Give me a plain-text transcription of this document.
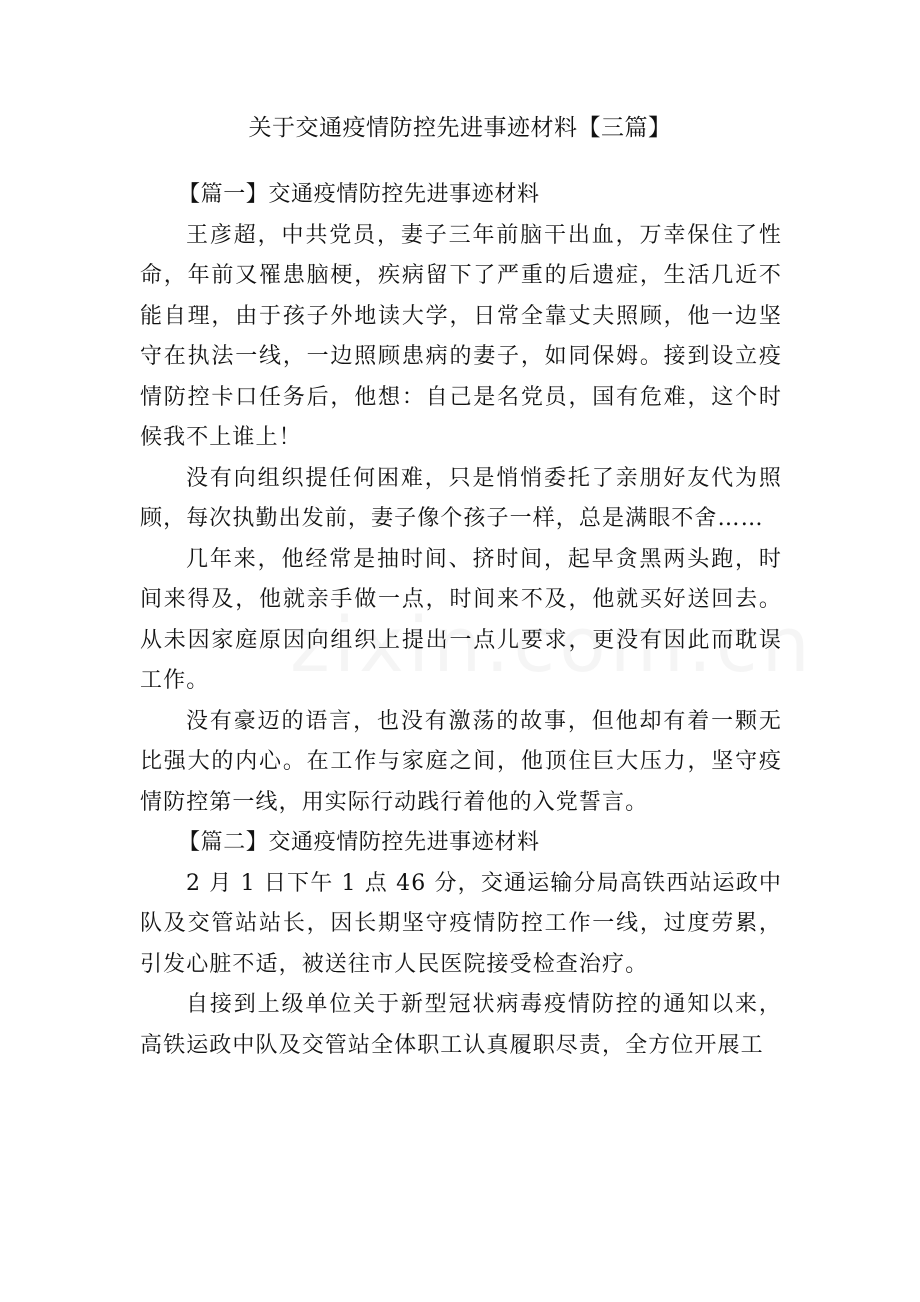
关于交通疫情防控先进事迹材料【三篇】

【篇一】交通疫情防控先进事迹材料

王彦超，中共党员，妻子三年前脑干出血，万幸保住了性命，年前又罹患脑梗，疾病留下了严重的后遗症，生活几近不能自理，由于孩子外地读大学，日常全靠丈夫照顾，他一边坚守在执法一线，一边照顾患病的妻子，如同保姆。接到设立疫情防控卡口任务后，他想：自己是名党员，国有危难，这个时候我不上谁上！

没有向组织提任何困难，只是悄悄委托了亲朋好友代为照顾，每次执勤出发前，妻子像个孩子一样，总是满眼不舍……

几年来，他经常是抽时间、挤时间，起早贪黑两头跑，时间来得及，他就亲手做一点，时间来不及，他就买好送回去。从未因家庭原因向组织上提出一点儿要求，更没有因此而耽误工作。

没有豪迈的语言，也没有激荡的故事，但他却有着一颗无比强大的内心。在工作与家庭之间，他顶住巨大压力，坚守疫情防控第一线，用实际行动践行着他的入党誓言。

【篇二】交通疫情防控先进事迹材料

2 月 1 日下午 1 点 46 分，交通运输分局高铁西站运政中队及交管站站长，因长期坚守疫情防控工作一线，过度劳累，引发心脏不适，被送往市人民医院接受检查治疗。

自接到上级单位关于新型冠状病毒疫情防控的通知以来，高铁运政中队及交管站全体职工认真履职尽责，全方位开展工
